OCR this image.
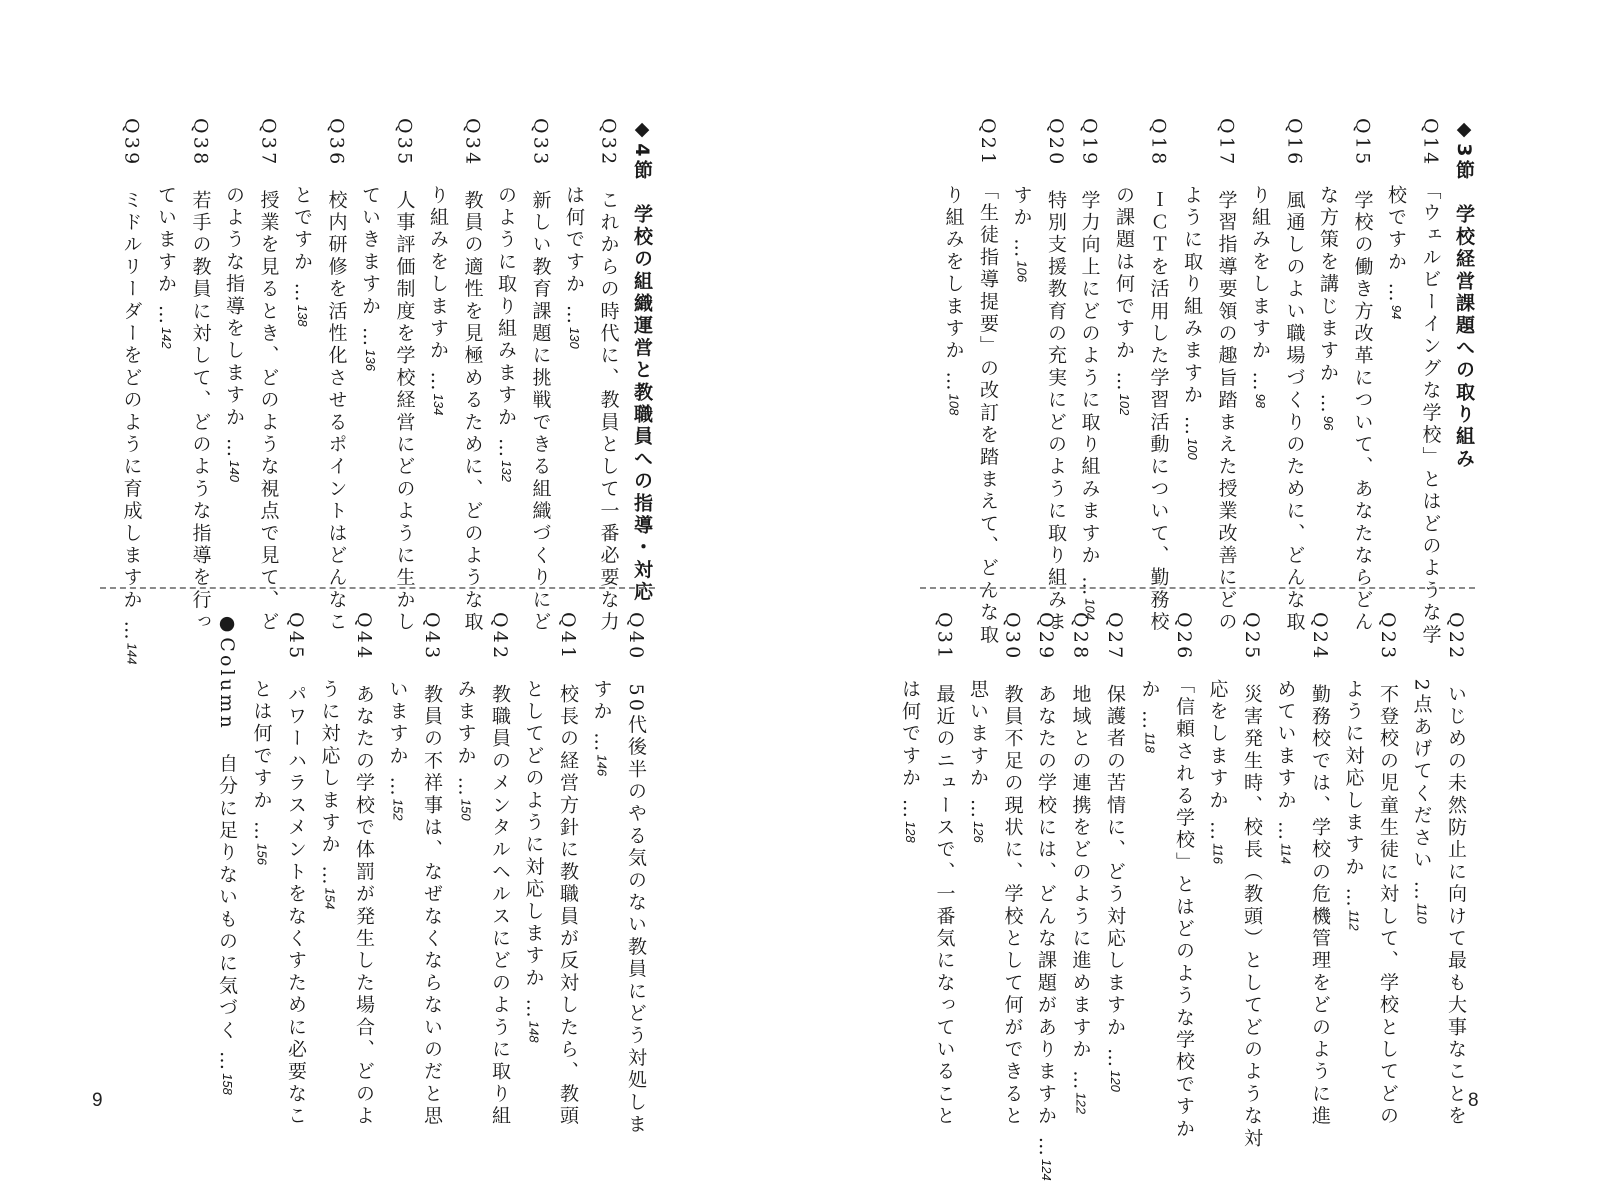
◆3節　学校経営課題への取り組み
Q14　「ウェルビーイングな学校」とはどのような学
　　　校ですか …94
Q15　学校の働き方改革について、あなたならどん
　　　な方策を講じますか …96
Q16　風通しのよい職場づくりのために、どんな取
　　　り組みをしますか …98
Q17　学習指導要領の趣旨踏まえた授業改善にどの
　　　ように取り組みますか …100
Q18　ＩＣＴを活用した学習活動について、勤務校
　　　の課題は何ですか …102
Q19　学力向上にどのように取り組みますか …104
Q20　特別支援教育の充実にどのように取り組みま
　　　すか …106
Q21　「生徒指導提要」の改訂を踏まえて、どんな取
　　　り組みをしますか …108
Q22　いじめの未然防止に向けて最も大事なことを
　　　2点あげてください …110
Q23　不登校の児童生徒に対して、学校としてどの
　　　ように対応しますか …112
Q24　勤務校では、学校の危機管理をどのように進
　　　めていますか …114
Q25　災害発生時、校長（教頭）としてどのような対
　　　応をしますか …116
Q26　「信頼される学校」とはどのような学校ですか
　　　か …118
Q27　保護者の苦情に、どう対応しますか …120
Q28　地域との連携をどのように進めますか …122
Q29　あなたの学校には、どんな課題がありますか …124
Q30　教員不足の現状に、学校として何ができると
　　　思いますか …126
Q31　最近のニュースで、一番気になっていること
　　　は何ですか …128
8
◆4節　学校の組織運営と教職員への指導・対応
Q32　これからの時代に、教員として一番必要な力
　　　は何ですか …130
Q33　新しい教育課題に挑戦できる組織づくりにど
　　　のように取り組みますか …132
Q34　教員の適性を見極めるために、どのような取
　　　り組みをしますか …134
Q35　人事評価制度を学校経営にどのように生かし
　　　ていきますか …136
Q36　校内研修を活性化させるポイントはどんなこ
　　　とですか …138
Q37　授業を見るとき、どのような視点で見て、ど
　　　のような指導をしますか …140
Q38　若手の教員に対して、どのような指導を行っ
　　　ていますか …142
Q39　ミドルリーダーをどのように育成しますか …144	Q40　50代後半のやる気のない教員にどう対処しま
　　　すか …146
Q41　校長の経営方針に教職員が反対したら、教頭
　　　としてどのように対応しますか …148
Q42　教職員のメンタルヘルスにどのように取り組
　　　みますか …150
Q43　教員の不祥事は、なぜなくならないのだと思
　　　いますか …152
Q44　あなたの学校で体罰が発生した場合、どのよ
　　　うに対応しますか …154
Q45　パワーハラスメントをなくすために必要なこ
　　　とは何ですか …156
●Column　自分に足りないものに気づく …158
9
